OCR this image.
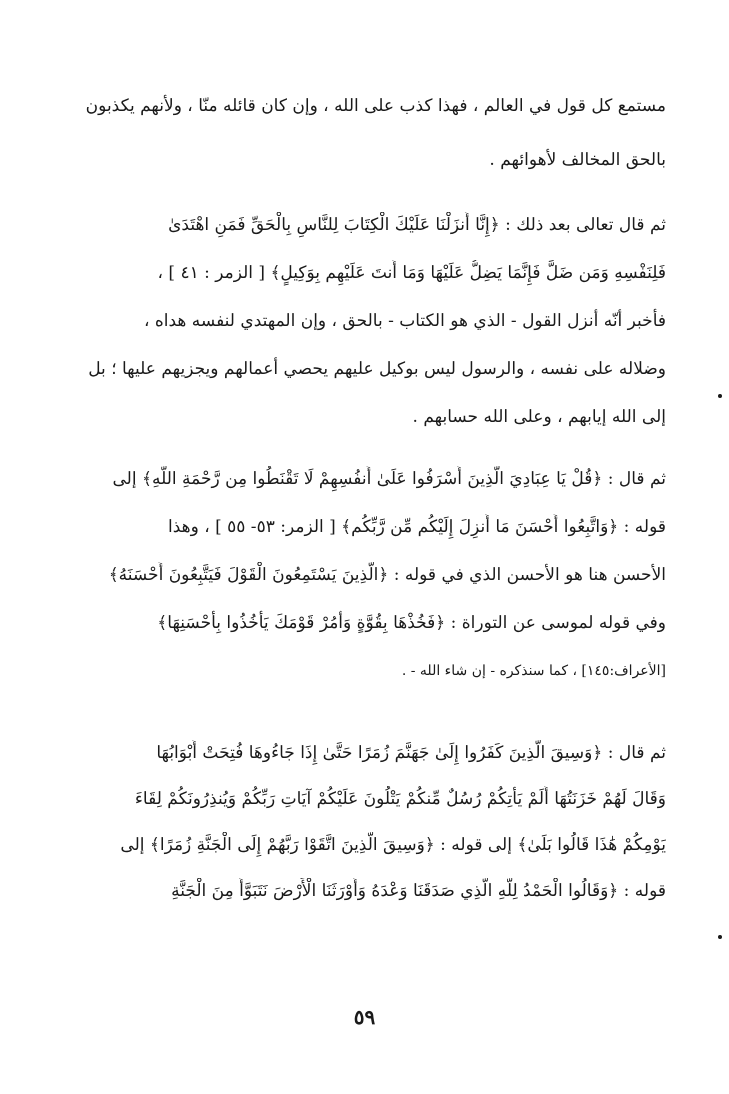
مستمع كل قول في العالم ، فهذا كذب على الله ، وإن كان قائله منّا ، ولأنهم يكذبون
بالحق المخالف لأهوائهم .
ثم قال تعالى بعد ذلك : ﴿إِنَّا أَنزَلْنَا عَلَيْكَ الْكِتَابَ لِلنَّاسِ بِالْحَقِّ فَمَنِ اهْتَدَىٰ
فَلِنَفْسِهِ وَمَن ضَلَّ فَإِنَّمَا يَضِلُّ عَلَيْهَا وَمَا أَنتَ عَلَيْهِم بِوَكِيلٍ﴾ [ الزمر : ٤١ ] ،
فأخبر أنّه أنزل القول - الذي هو الكتاب - بالحق ، وإن المهتدي لنفسه هداه ،
وضلاله على نفسه ، والرسول ليس بوكيل عليهم يحصي أعمالهم ويجزيهم عليها ؛ بل
إلى الله إيابهم ، وعلى الله حسابهم .
ثم قال : ﴿قُلْ يَا عِبَادِيَ الَّذِينَ أَسْرَفُوا عَلَىٰ أَنفُسِهِمْ لَا تَقْنَطُوا مِن رَّحْمَةِ اللَّهِ﴾ إلى
قوله : ﴿وَاتَّبِعُوا أَحْسَنَ مَا أُنزِلَ إِلَيْكُم مِّن رَّبِّكُم﴾ [ الزمر: ٥٣- ٥٥ ] ، وهذا
الأحسن هنا هو الأحسن الذي في قوله : ﴿الَّذِينَ يَسْتَمِعُونَ الْقَوْلَ فَيَتَّبِعُونَ أَحْسَنَهُ﴾
وفي قوله لموسى عن التوراة : ﴿فَخُذْهَا بِقُوَّةٍ وَأْمُرْ قَوْمَكَ يَأْخُذُوا بِأَحْسَنِهَا﴾
[الأعراف:١٤٥] ، كما سنذكره - إن شاء الله - .
ثم قال : ﴿وَسِيقَ الَّذِينَ كَفَرُوا إِلَىٰ جَهَنَّمَ زُمَرًا حَتَّىٰ إِذَا جَاءُوهَا فُتِحَتْ أَبْوَابُهَا
وَقَالَ لَهُمْ خَزَنَتُهَا أَلَمْ يَأْتِكُمْ رُسُلٌ مِّنكُمْ يَتْلُونَ عَلَيْكُمْ آيَاتِ رَبِّكُمْ وَيُنذِرُونَكُمْ لِقَاءَ
يَوْمِكُمْ هَٰذَا قَالُوا بَلَىٰ﴾ إلى قوله : ﴿وَسِيقَ الَّذِينَ اتَّقَوْا رَبَّهُمْ إِلَى الْجَنَّةِ زُمَرًا﴾ إلى
قوله : ﴿وَقَالُوا الْحَمْدُ لِلَّهِ الَّذِي صَدَقَنَا وَعْدَهُ وَأَوْرَثَنَا الْأَرْضَ نَتَبَوَّأُ مِنَ الْجَنَّةِ
٥٩
